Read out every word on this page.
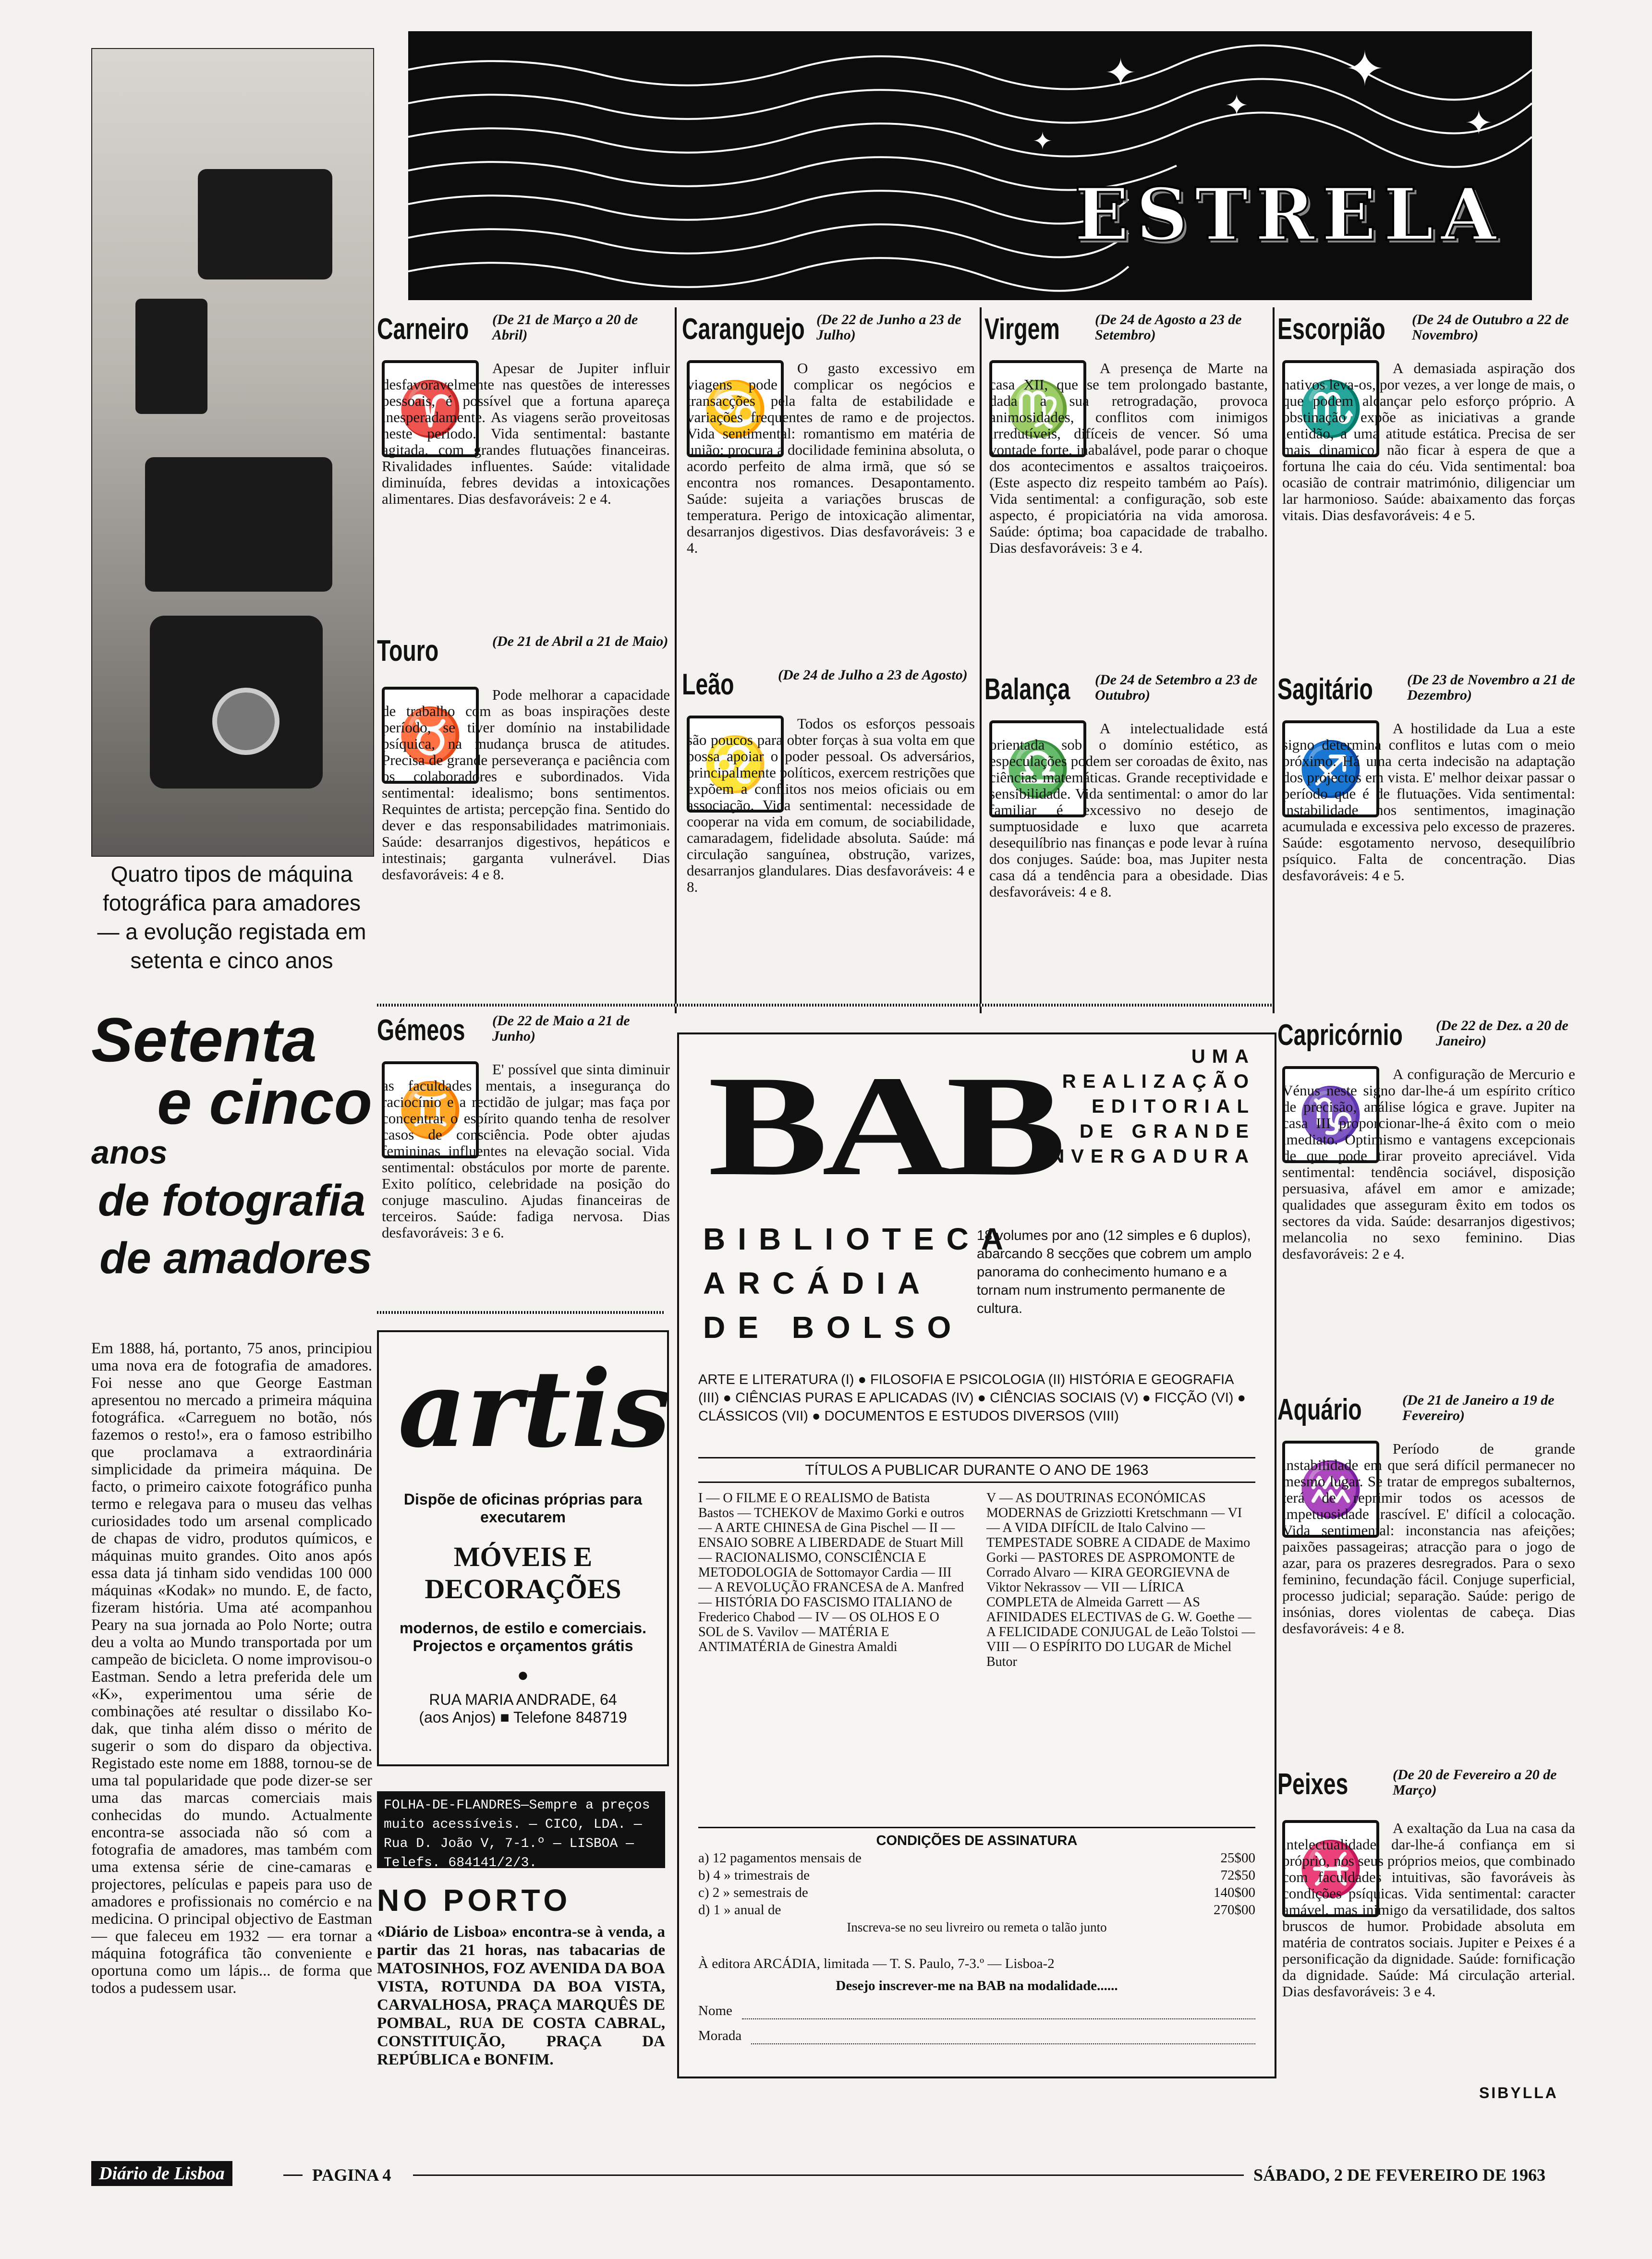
Quatro tipos de máquina fotográfica para amadores — a evolução registada em setenta e cinco anos
Setenta
e cinco
anos
de fotografia
de amadores
Em 1888, há, portanto, 75 anos, principiou uma nova era de fotografia de amadores. Foi nesse ano que George Eastman apresentou no mercado a primeira máquina fotográfica. «Carreguem no botão, nós fazemos o resto!», era o famoso estribilho que proclamava a extraordinária simplicidade da primeira máquina. De facto, o primeiro caixote fotográfico punha termo e relegava para o museu das velhas curiosidades todo um arsenal complicado de chapas de vidro, produtos químicos, e máquinas muito grandes. Oito anos após essa data já tinham sido vendidas 100 000 máquinas «Kodak» no mundo. E, de facto, fizeram história. Uma até acompanhou Peary na sua jornada ao Polo Norte; outra deu a volta ao Mundo transportada por um campeão de bicicleta. O nome improvisou-o Eastman. Sendo a letra preferida dele um «K», experimentou uma série de combinações até resultar o dissilabo Ko-dak, que tinha além disso o mérito de sugerir o som do disparo da objectiva. Registado este nome em 1888, tornou-se de uma tal popularidade que pode dizer-se ser uma das marcas comerciais mais conhecidas do mundo. Actualmente encontra-se associada não só com a fotografia de amadores, mas também com uma extensa série de cine-camaras e projectores, películas e papeis para uso de amadores e profissionais no comércio e na medicina. O principal objectivo de Eastman — que faleceu em 1932 — era tornar a máquina fotográfica tão conveniente e oportuna como um lápis... de forma que todos a pudessem usar.
✦
✦
✦
✦
✦
ESTRELA
Carneiro (De 21 de Março a 20 de Abril)
♈
Apesar de Jupiter influir desfavoravelmente nas questões de interesses pessoais, é possível que a fortuna apareça inesperadamente. As viagens serão proveitosas neste período. Vida sentimental: bastante agitada, com grandes flutuações financeiras. Rivalidades influentes. Saúde: vitalidade diminuída, febres devidas a intoxicações alimentares. Dias desfavoráveis: 2 e 4.
Touro	(De 21 de Abril a 21 de Maio)
♉
Pode melhorar a capacidade de trabalho com as boas inspirações deste período, se tiver domínio na instabilidade psíquica, na mudança brusca de atitudes. Precisa de grande perseverança e paciência com os colaboradores e subordinados. Vida sentimental: idealismo; bons sentimentos. Requintes de artista; percepção fina. Sentido do dever e das responsabilidades matrimoniais. Saúde: desarranjos digestivos, hepáticos e intestinais; garganta vulnerável. Dias desfavoráveis: 4 e 8.
Gémeos (De 22 de Maio a 21 de Junho)
♊
E' possível que sinta diminuir as faculdades mentais, a insegurança do raciocínio e a rectidão de julgar; mas faça por concentrar o espírito quando tenha de resolver casos de consciência. Pode obter ajudas femininas influentes na elevação social. Vida sentimental: obstáculos por morte de parente. Exito político, celebridade na posição do conjuge masculino. Ajudas financeiras de terceiros. Saúde: fadiga nervosa. Dias desfavoráveis: 3 e 6.
Caranguejo (De 22 de Junho a 23 de Julho)
♋
O gasto excessivo em viagens pode complicar os negócios e transacções pela falta de estabilidade e variações frequentes de ramo e de projectos. Vida sentimental: romantismo em matéria de união; procura a docilidade feminina absoluta, o acordo perfeito de alma irmã, que só se encontra nos romances. Desapontamento. Saúde: sujeita a variações bruscas de temperatura. Perigo de intoxicação alimentar, desarranjos digestivos. Dias desfavoráveis: 3 e 4.
Leão	(De 24 de Julho a 23 de Agosto)
♌
Todos os esforços pessoais são poucos para obter forças à sua volta em que possa apoiar o poder pessoal. Os adversários, principalmente políticos, exercem restrições que expõem a conflitos nos meios oficiais ou em associação. Vida sentimental: necessidade de cooperar na vida em comum, de sociabilidade, camaradagem, fidelidade absoluta. Saúde: má circulação sanguínea, obstrução, varizes, desarranjos glandulares. Dias desfavoráveis: 4 e 8.
Virgem (De 24 de Agosto a 23 de Setembro)
♍
A presença de Marte na casa XII, que se tem prolongado bastante, dada a sua retrogradação, provoca animosidades, conflitos com inimigos irredutíveis, difíceis de vencer. Só uma vontade forte, inabalável, pode parar o choque dos acontecimentos e assaltos traiçoeiros. (Este aspecto diz respeito também ao País). Vida sentimental: a configuração, sob este aspecto, é propiciatória na vida amorosa. Saúde: óptima; boa capacidade de trabalho. Dias desfavoráveis: 3 e 4.
Balança (De 24 de Setembro a 23 de Outubro)
♎
A intelectualidade está orientada sob o domínio estético, as especulações podem ser coroadas de êxito, nas ciências matemáticas. Grande receptividade e sensibilidade. Vida sentimental: o amor do lar familiar é excessivo no desejo de sumptuosidade e luxo que acarreta desequilíbrio nas finanças e pode levar à ruína dos conjuges. Saúde: boa, mas Jupiter nesta casa dá a tendência para a obesidade. Dias desfavoráveis: 4 e 8.
Escorpião (De 24 de Outubro a 22 de Novembro)
♏
A demasiada aspiração dos nativos leva-os, por vezes, a ver longe de mais, o que podem alcançar pelo esforço próprio. A obstinação expõe as iniciativas a grande lentidão, a uma atitude estática. Precisa de ser mais dinamico, não ficar à espera de que a fortuna lhe caia do céu. Vida sentimental: boa ocasião de contrair matrimónio, diligenciar um lar harmonioso. Saúde: abaixamento das forças vitais. Dias desfavoráveis: 4 e 5.
Sagitário (De 23 de Novembro a 21 de Dezembro)
♐
A hostilidade da Lua a este signo determina conflitos e lutas com o meio próximo. Há uma certa indecisão na adaptação dos projectos em vista. E' melhor deixar passar o período que é de flutuações. Vida sentimental: instabilidade nos sentimentos, imaginação acumulada e excessiva pelo excesso de prazeres. Saúde: esgotamento nervoso, desequilíbrio psíquico. Falta de concentração. Dias desfavoráveis: 4 e 5.
Capricórnio (De 22 de Dez. a 20 de Janeiro)
♑
A configuração de Mercurio e Vénus neste signo dar-lhe-á um espírito crítico de precisão, análise lógica e grave. Jupiter na casa III proporcionar-lhe-á êxito com o meio imediato. Optimismo e vantagens excepcionais de que pode tirar proveito apreciável. Vida sentimental: tendência sociável, disposição persuasiva, afável em amor e amizade; qualidades que asseguram êxito em todos os sectores da vida. Saúde: desarranjos digestivos; melancolia no sexo feminino. Dias desfavoráveis: 2 e 4.
Aquário	(De 21 de Janeiro a 19 de Fevereiro)
♒
Período de grande instabilidade em que será difícil permanecer no mesmo lugar. Se tratar de empregos subalternos, terá de reprimir todos os acessos de impetuosidade irascível. E' difícil a colocação. Vida sentimental: inconstancia nas afeições; paixões passageiras; atracção para o jogo de azar, para os prazeres desregrados. Para o sexo feminino, fecundação fácil. Conjuge superficial, processo judicial; separação. Saúde: perigo de insónias, dores violentas de cabeça. Dias desfavoráveis: 4 e 8.
Peixes	(De 20 de Fevereiro a 20 de Março)
♓
A exaltação da Lua na casa da intelectualidade dar-lhe-á confiança em si próprio, nos seus próprios meios, que combinado com faculdades intuitivas, são favoráveis às condições psíquicas. Vida sentimental: caracter amável, mas inimigo da versatilidade, dos saltos bruscos de humor. Probidade absoluta em matéria de contratos sociais. Jupiter e Peixes é a personificação da dignidade. Saúde: fornificação da dignidade. Saúde: Má circulação arterial. Dias desfavoráveis: 3 e 4.
SIBYLLA
BAB	UMA
REALIZAÇÃO
EDITORIAL
DE GRANDE
ENVERGADURA
BIBLIOTECA
ARCÁDIA
DE BOLSO
18 volumes por ano (12 simples e 6 duplos), abarcando 8 secções que cobrem um amplo panorama do conhecimento humano e a tornam num instrumento permanente de cultura.
ARTE E LITERATURA (I) ● FILOSOFIA E PSICOLOGIA (II) HISTÓRIA E GEOGRAFIA (III) ● CIÊNCIAS PURAS E APLICADAS (IV) ● CIÊNCIAS SOCIAIS (V) ● FICÇÃO (VI) ● CLÁSSICOS (VII) ● DOCUMENTOS E ESTUDOS DIVERSOS (VIII)
TÍTULOS A PUBLICAR DURANTE O ANO DE 1963
I — O FILME E O REALISMO de Batista Bastos — TCHEKOV de Maximo Gorki e outros — A ARTE CHINESA de Gina Pischel — II — ENSAIO SOBRE A LIBERDADE de Stuart Mill — RACIONALISMO, CONSCIÊNCIA E METODOLOGIA de Sottomayor Cardia — III — A REVOLUÇÃO FRANCESA de A. Manfred — HISTÓRIA DO FASCISMO ITALIANO de Frederico Chabod — IV — OS OLHOS E O SOL de S. Vavilov — MATÉRIA E ANTIMATÉRIA de Ginestra Amaldi
V — AS DOUTRINAS ECONÓMICAS MODERNAS de Grizziotti Kretschmann — VI — A VIDA DIFÍCIL de Italo Calvino — TEMPESTADE SOBRE A CIDADE de Maximo Gorki — PASTORES DE ASPROMONTE de Corrado Alvaro — KIRA GEORGIEVNA de Viktor Nekrassov — VII — LÍRICA COMPLETA de Almeida Garrett — AS AFINIDADES ELECTIVAS de G. W. Goethe — A FELICIDADE CONJUGAL de Leão Tolstoi — VIII — O ESPÍRITO DO LUGAR de Michel Butor
CONDIÇÕES DE ASSINATURA
a) 12 pagamentos mensais de	25$00
b) 4 » trimestrais de	72$50
c) 2 » semestrais de	140$00
d) 1 » anual de	270$00
Inscreva-se no seu livreiro ou remeta o talão junto
À editora ARCÁDIA, limitada — T. S. Paulo, 7-3.º — Lisboa-2
Desejo inscrever-me na BAB na modalidade......
Nome
Morada
artis

Dispõe de oficinas próprias para executarem

MÓVEIS E DECORAÇÕES

modernos, de estilo e comerciais. Projectos e orçamentos grátis

●

RUA MARIA ANDRADE, 64

(aos Anjos) ■ Telefone 848719

FOLHA-DE-FLANDRES—Sempre a preços muito acessíveis. — CICO, LDA. — Rua D. João V, 7-1.º — LISBOA — Telefs. 684141/2/3.
NO PORTO
«Diário de Lisboa» encontra-se à venda, a partir das 21 horas, nas tabacarias de MATOSINHOS, FOZ AVENIDA DA BOA VISTA, ROTUNDA DA BOA VISTA, CARVALHOSA, PRAÇA MARQUÊS DE POMBAL, RUA DE COSTA CABRAL, CONSTITUIÇÃO, PRAÇA DA REPÚBLICA e BONFIM.
Diário de Lisboa	PAGINA 4	SÁBADO, 2 DE FEVEREIRO DE 1963
